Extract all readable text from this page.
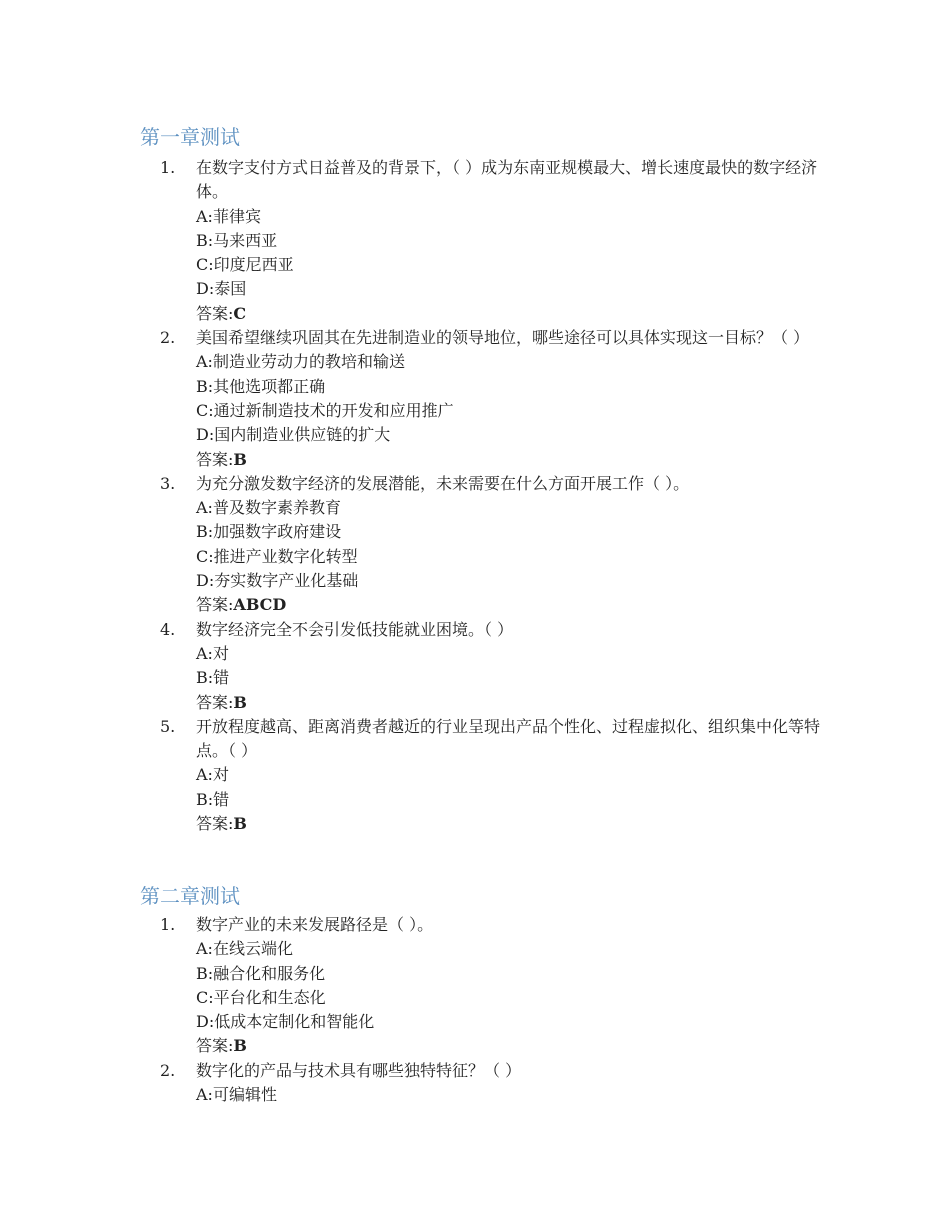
第一章测试
1. 在数字支付方式日益普及的背景下，（ ）成为东南亚规模最大、增长速度最快的数字经济体。
A:菲律宾
B:马来西亚
C:印度尼西亚
D:泰国
答案:C
2. 美国希望继续巩固其在先进制造业的领导地位，哪些途径可以具体实现这一目标？（ ）
A:制造业劳动力的教培和输送
B:其他选项都正确
C:通过新制造技术的开发和应用推广
D:国内制造业供应链的扩大
答案:B
3. 为充分激发数字经济的发展潜能，未来需要在什么方面开展工作（ ）。
A:普及数字素养教育
B:加强数字政府建设
C:推进产业数字化转型
D:夯实数字产业化基础
答案:ABCD
4. 数字经济完全不会引发低技能就业困境。（ ）
A:对
B:错
答案:B
5. 开放程度越高、距离消费者越近的行业呈现出产品个性化、过程虚拟化、组织集中化等特点。（ ）
A:对
B:错
答案:B
第二章测试
1. 数字产业的未来发展路径是（ ）。
A:在线云端化
B:融合化和服务化
C:平台化和生态化
D:低成本定制化和智能化
答案:B
2. 数字化的产品与技术具有哪些独特特征？（ ）
A:可编辑性
